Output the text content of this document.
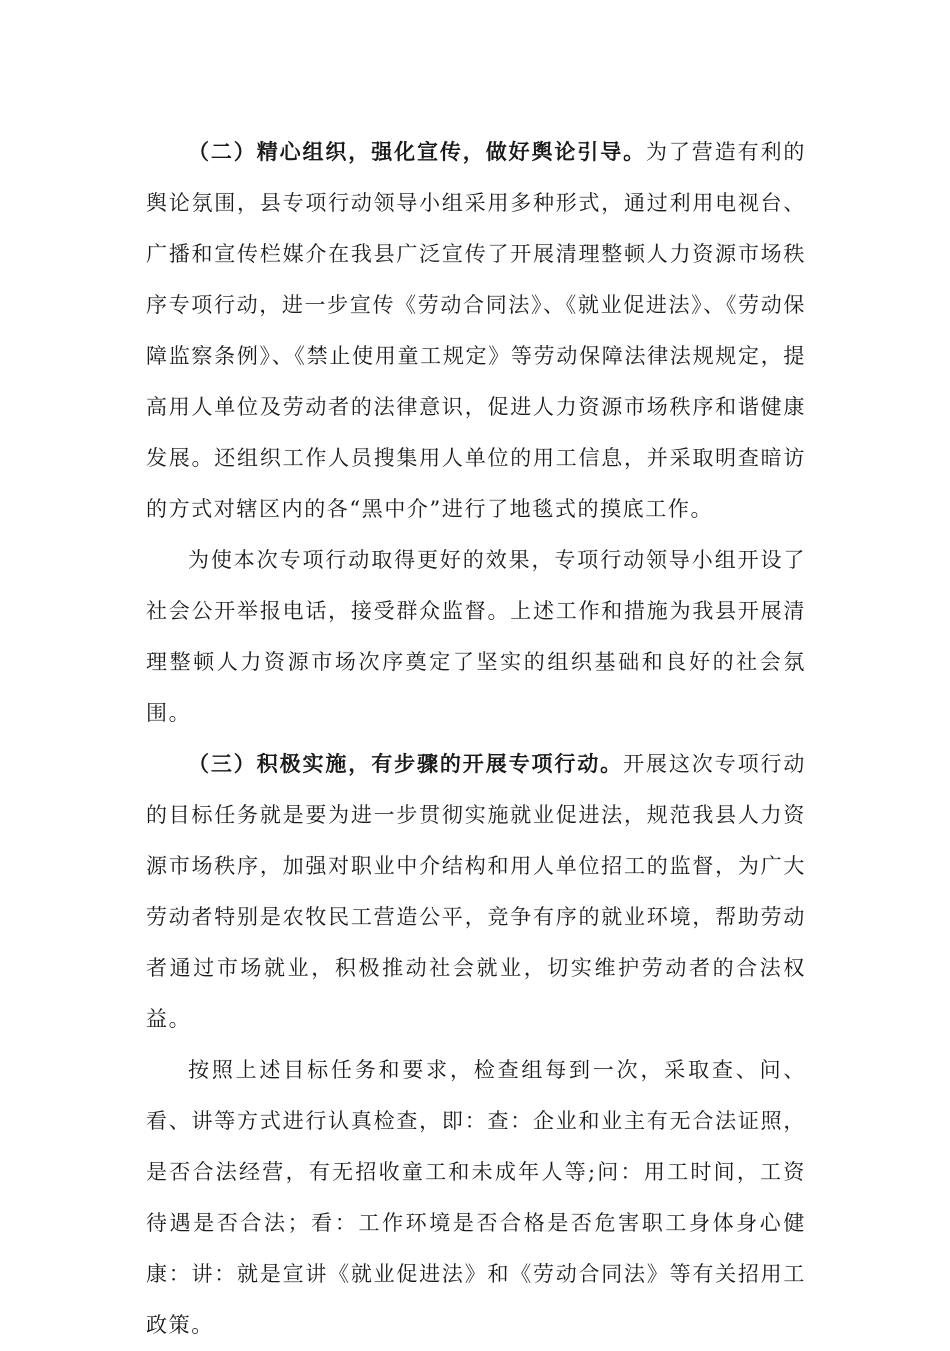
（二）精心组织，强化宣传，做好舆论引导。为了营造有利的舆论氛围，县专项行动领导小组采用多种形式，通过利用电视台、广播和宣传栏媒介在我县广泛宣传了开展清理整顿人力资源市场秩序专项行动，进一步宣传《劳动合同法》、《就业促进法》、《劳动保障监察条例》、《禁止使用童工规定》等劳动保障法律法规规定，提高用人单位及劳动者的法律意识，促进人力资源市场秩序和谐健康发展。还组织工作人员搜集用人单位的用工信息，并采取明查暗访的方式对辖区内的各“黑中介”进行了地毯式的摸底工作。

为使本次专项行动取得更好的效果，专项行动领导小组开设了社会公开举报电话，接受群众监督。上述工作和措施为我县开展清理整顿人力资源市场次序奠定了坚实的组织基础和良好的社会氛围。

（三）积极实施，有步骤的开展专项行动。开展这次专项行动的目标任务就是要为进一步贯彻实施就业促进法，规范我县人力资源市场秩序，加强对职业中介结构和用人单位招工的监督，为广大劳动者特别是农牧民工营造公平，竞争有序的就业环境，帮助劳动者通过市场就业，积极推动社会就业，切实维护劳动者的合法权益。

按照上述目标任务和要求，检查组每到一次，采取查、问、看、讲等方式进行认真检查，即：查：企业和业主有无合法证照，是否合法经营，有无招收童工和未成年人等;问：用工时间，工资待遇是否合法；看：工作环境是否合格是否危害职工身体身心健康：讲：就是宣讲《就业促进法》和《劳动合同法》等有关招用工政策。
